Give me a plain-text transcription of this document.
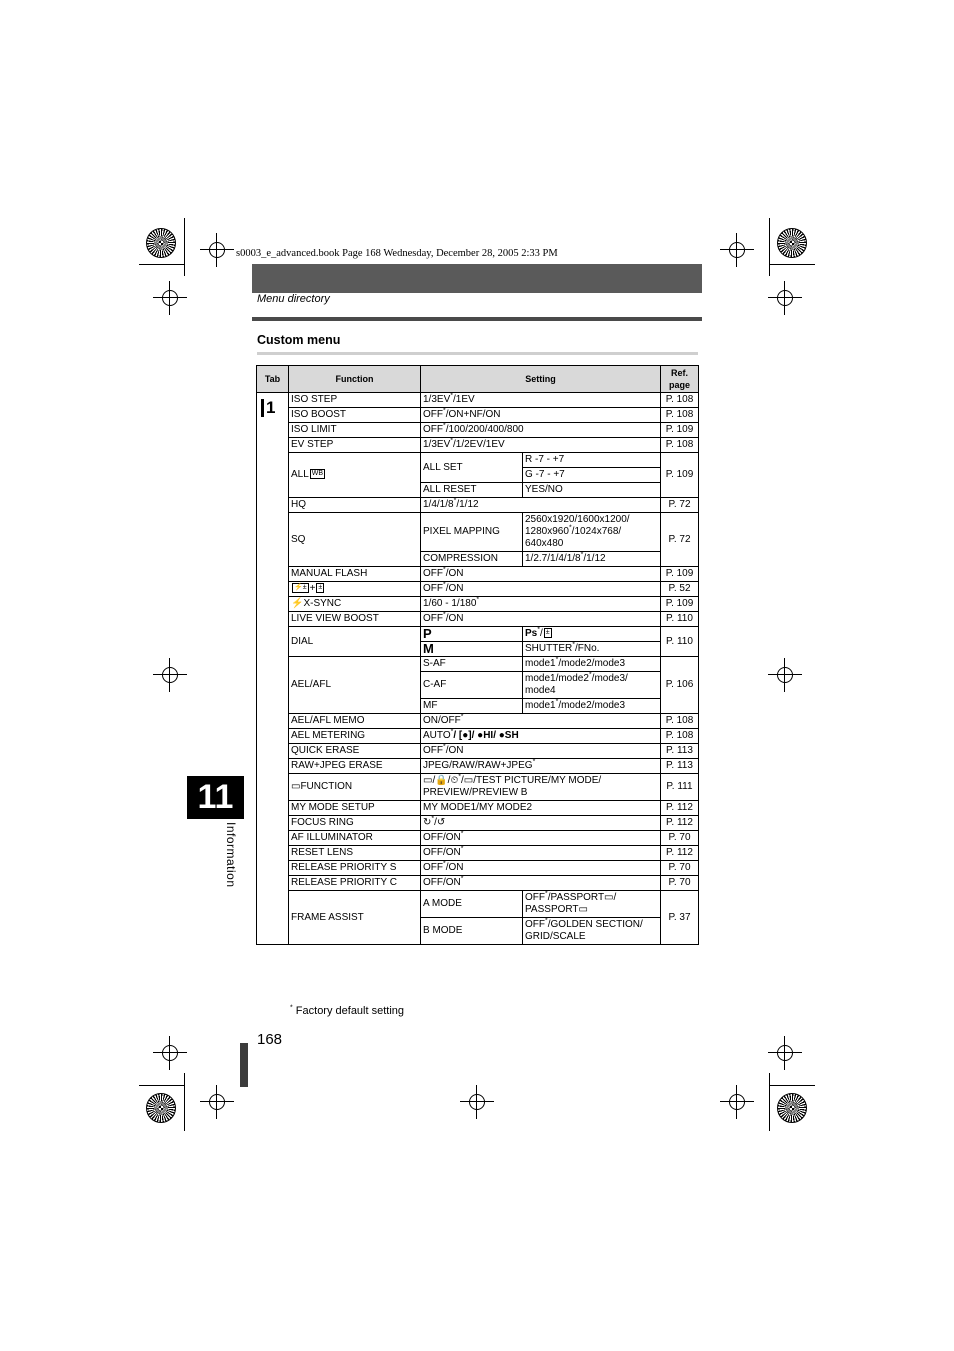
s0003_e_advanced.book Page 168 Wednesday, December 28, 2005 2:33 PM
Menu directory
Custom menu
Tab	Function	Setting		Ref. page
1	ISO STEP	1/3EV*/1EV		P. 108
	ISO BOOST	OFF*/ON+NF/ON		P. 108
	ISO LIMIT	OFF*/100/200/400/800		P. 109
	EV STEP	1/3EV*/1/2EV/1EV		P. 108
	ALL WB	ALL SET	R -7 - +7	P. 109
			G -7 - +7	
		ALL RESET	YES/NO	
	HQ	1/4/1/8*/1/12		P. 72
	SQ	PIXEL MAPPING	2560x1920/1600x1200/ 1280x960*/1024x768/ 640x480	P. 72
		COMPRESSION	1/2.7/1/4/1/8*/1/12	
	MANUAL FLASH	OFF*/ON		P. 109
	⚡± + ±	OFF*/ON		P. 52
	⚡X-SYNC	1/60 - 1/180*		P. 109
	LIVE VIEW BOOST	OFF*/ON		P. 110
	DIAL	P	Ps*/ ±	P. 110
		M	SHUTTER*/FNo.	
	AEL/AFL	S-AF	mode1*/mode2/mode3	P. 106
		C-AF	mode1/mode2*/mode3/ mode4	
		MF	mode1*/mode2/mode3	
	AEL/AFL MEMO	ON/OFF*		P. 108
	AEL METERING	AUTO*/ [●]/ ●HI/ ●SH		P. 108
	QUICK ERASE	OFF*/ON		P. 113
	RAW+JPEG ERASE	JPEG/RAW/RAW+JPEG*		P. 113
	▭FUNCTION	▭/🔒/⏲*/▭/TEST PICTURE/MY MODE/ PREVIEW/PREVIEW B		P. 111
	MY MODE SETUP	MY MODE1/MY MODE2		P. 112
	FOCUS RING	↻*/↺		P. 112
	AF ILLUMINATOR	OFF/ON*		P. 70
	RESET LENS	OFF/ON*		P. 112
	RELEASE PRIORITY S	OFF*/ON		P. 70
	RELEASE PRIORITY C	OFF/ON*		P. 70
	FRAME ASSIST	A MODE	OFF*/PASSPORT▭/ PASSPORT▭	P. 37
		B MODE	OFF*/GOLDEN SECTION/ GRID/SCALE	
* Factory default setting
168
11
Information
